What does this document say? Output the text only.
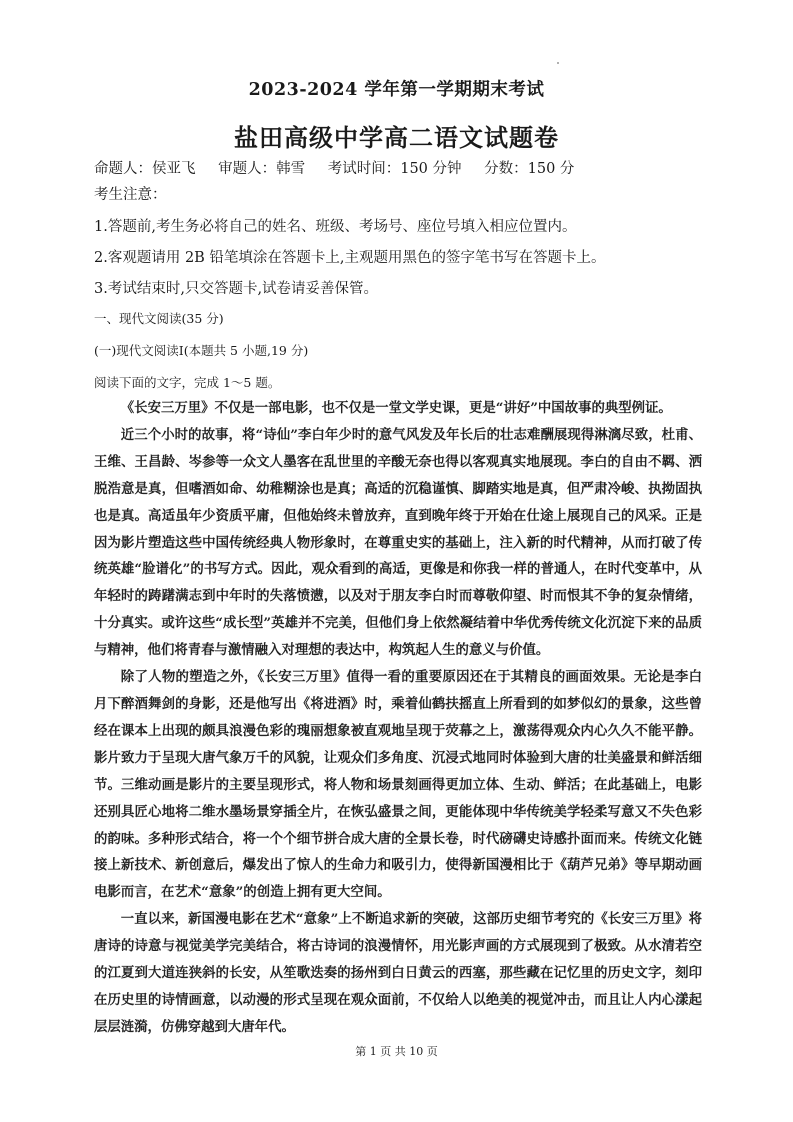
2023-2024 学年第一学期期末考试
盐田高级中学高二语文试题卷
命题人：侯亚飞 审题人：韩雪 考试时间：150 分钟 分数：150 分
考生注意：
1.答题前,考生务必将自己的姓名、班级、考场号、座位号填入相应位置内。
2.客观题请用 2B 铅笔填涂在答题卡上,主观题用黑色的签字笔书写在答题卡上。
3.考试结束时,只交答题卡,试卷请妥善保管。
一、现代文阅读(35 分)
(一)现代文阅读Ⅰ(本题共 5 小题,19 分)
阅读下面的文字，完成 1～5 题。

《长安三万里》不仅是一部电影，也不仅是一堂文学史课，更是“讲好”中国故事的典型例证。

近三个小时的故事，将“诗仙”李白年少时的意气风发及年长后的壮志难酬展现得淋漓尽致，杜甫、王维、王昌龄、岑参等一众文人墨客在乱世里的辛酸无奈也得以客观真实地展现。李白的自由不羁、洒脱浩意是真，但嗜酒如命、幼稚糊涂也是真；高适的沉稳谨慎、脚踏实地是真，但严肃冷峻、执拗固执也是真。高适虽年少资质平庸，但他始终未曾放弃，直到晚年终于开始在仕途上展现自己的风采。正是因为影片塑造这些中国传统经典人物形象时，在尊重史实的基础上，注入新的时代精神，从而打破了传统英雄“脸谱化”的书写方式。因此，观众看到的高适，更像是和你我一样的普通人，在时代变革中，从年轻时的踌躇满志到中年时的失落愤懑，以及对于朋友李白时而尊敬仰望、时而恨其不争的复杂情绪，十分真实。或许这些“成长型”英雄并不完美，但他们身上依然凝结着中华优秀传统文化沉淀下来的品质与精神，他们将青春与激情融入对理想的表达中，构筑起人生的意义与价值。

除了人物的塑造之外，《长安三万里》值得一看的重要原因还在于其精良的画面效果。无论是李白月下醉酒舞剑的身影，还是他写出《将进酒》时，乘着仙鹤扶摇直上所看到的如梦似幻的景象，这些曾经在课本上出现的颇具浪漫色彩的瑰丽想象被直观地呈现于荧幕之上，激荡得观众内心久久不能平静。影片致力于呈现大唐气象万千的风貌，让观众们多角度、沉浸式地同时体验到大唐的壮美盛景和鲜活细节。三维动画是影片的主要呈现形式，将人物和场景刻画得更加立体、生动、鲜活；在此基础上，电影还别具匠心地将二维水墨场景穿插全片，在恢弘盛景之间，更能体现中华传统美学轻柔写意又不失色彩的韵味。多种形式结合，将一个个细节拼合成大唐的全景长卷，时代磅礴史诗感扑面而来。传统文化链接上新技术、新创意后，爆发出了惊人的生命力和吸引力，使得新国漫相比于《葫芦兄弟》等早期动画电影而言，在艺术“意象”的创造上拥有更大空间。

一直以来，新国漫电影在艺术“意象”上不断追求新的突破，这部历史细节考究的《长安三万里》将唐诗的诗意与视觉美学完美结合，将古诗词的浪漫情怀，用光影声画的方式展现到了极致。从水清若空的江夏到大道连狭斜的长安，从笙歌迭奏的扬州到白日黄云的西塞，那些藏在记忆里的历史文字，刻印在历史里的诗情画意，以动漫的形式呈现在观众面前，不仅给人以绝美的视觉冲击，而且让人内心漾起层层涟漪，仿佛穿越到大唐年代。

第 1 页 共 10 页
